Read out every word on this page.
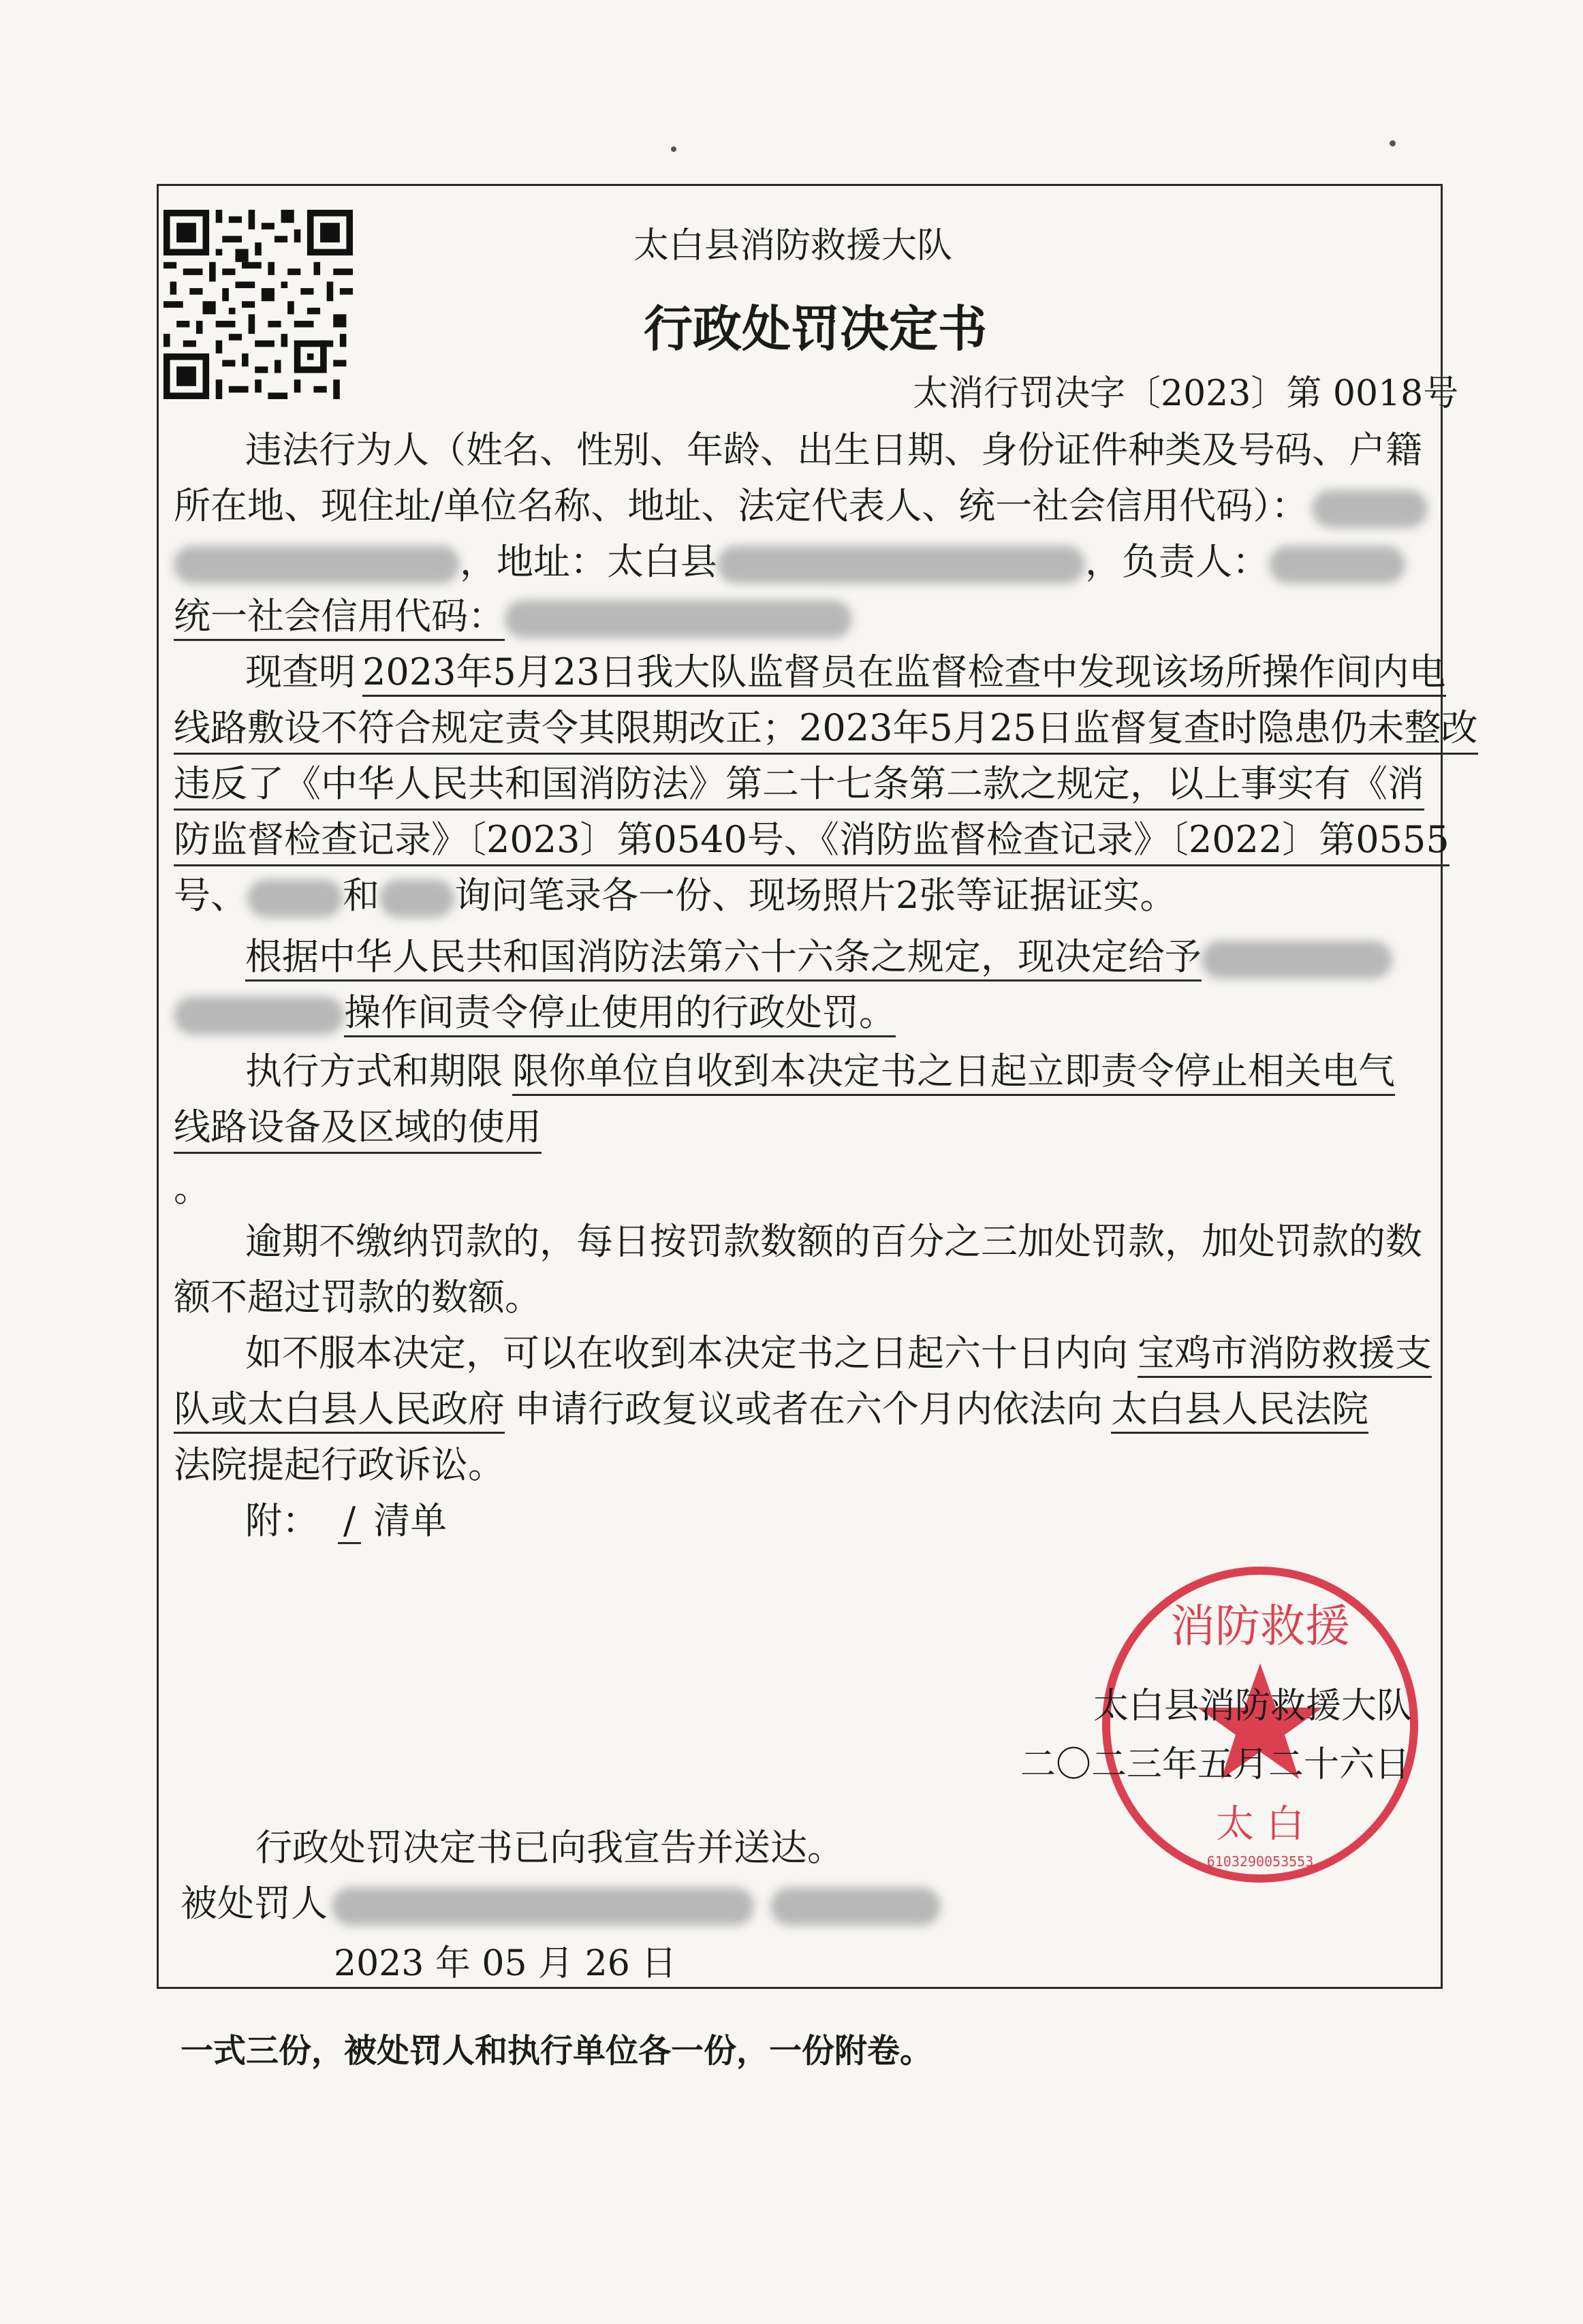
太白县消防救援大队
行政处罚决定书
太消行罚决字〔2023〕第 0018号
违法行为人（姓名、性别、年龄、出生日期、身份证件种类及号码、户籍
所在地、现住址/单位名称、地址、法定代表人、统一社会信用代码）：
，地址：太白县	，负责人：
统一社会信用代码：
现查明 2023年5月23日我大队监督员在监督检查中发现该场所操作间内电
线路敷设不符合规定责令其限期改正；2023年5月25日监督复查时隐患仍未整改
违反了《中华人民共和国消防法》第二十七条第二款之规定，以上事实有《消
防监督检查记录》〔2023〕第0540号、《消防监督检查记录》〔2022〕第0555
号、	和 询问笔录各一份、现场照片2张等证据证实。
根据中华人民共和国消防法第六十六条之规定，现决定给予
操作间责令停止使用的行政处罚。
执行方式和期限 限你单位自收到本决定书之日起立即责令停止相关电气
线路设备及区域的使用
。
逾期不缴纳罚款的，每日按罚款数额的百分之三加处罚款，加处罚款的数
额不超过罚款的数额。
如不服本决定，可以在收到本决定书之日起六十日内向 宝鸡市消防救援支
队或太白县人民政府 申请行政复议或者在六个月内依法向 太白县人民法院
法院提起行政诉讼。
附： / 清单
消防救援
太 白
6103290053553
太白县消防救援大队
二〇二三年五月二十六日
行政处罚决定书已向我宣告并送达。
被处罚人
2023 年 05 月 26 日
一式三份，被处罚人和执行单位各一份，一份附卷。
